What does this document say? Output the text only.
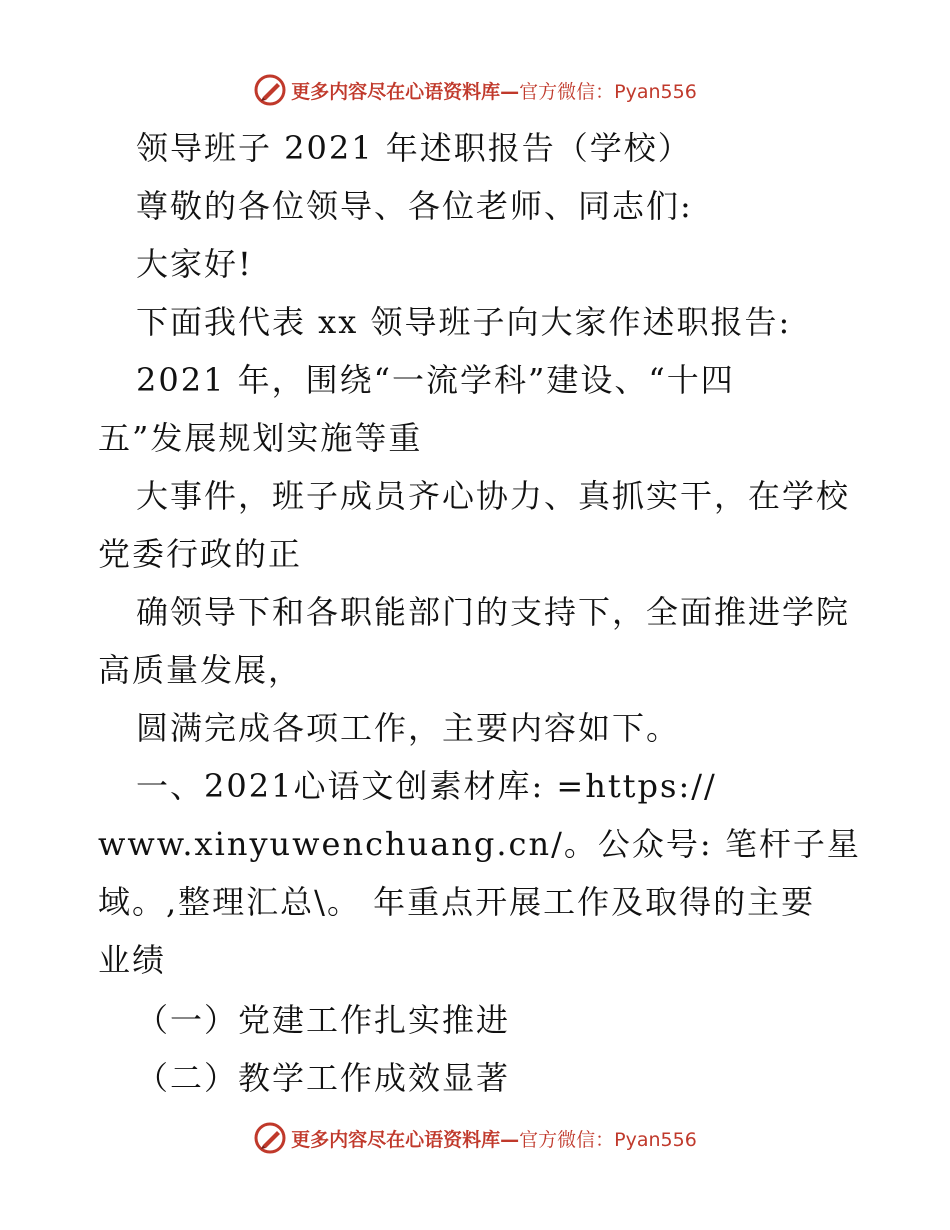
更多内容尽在心语资料库—官方微信：Pyan556
领导班子 2021 年述职报告（学校）
尊敬的各位领导、各位老师、同志们:
大家好!
下面我代表 xx 领导班子向大家作述职报告:
2021 年，围绕“一流学科”建设、“十四
五”发展规划实施等重
大事件，班子成员齐心协力、真抓实干，在学校
党委行政的正
确领导下和各职能部门的支持下，全面推进学院
高质量发展，
圆满完成各项工作，主要内容如下。
一、2021心语文创素材库: =https://
www.xinyuwenchuang.cn/。公众号: 笔杆子星
域。,整理汇总\。 年重点开展工作及取得的主要
业绩
（一）党建工作扎实推进
（二）教学工作成效显著
更多内容尽在心语资料库—官方微信：Pyan556
